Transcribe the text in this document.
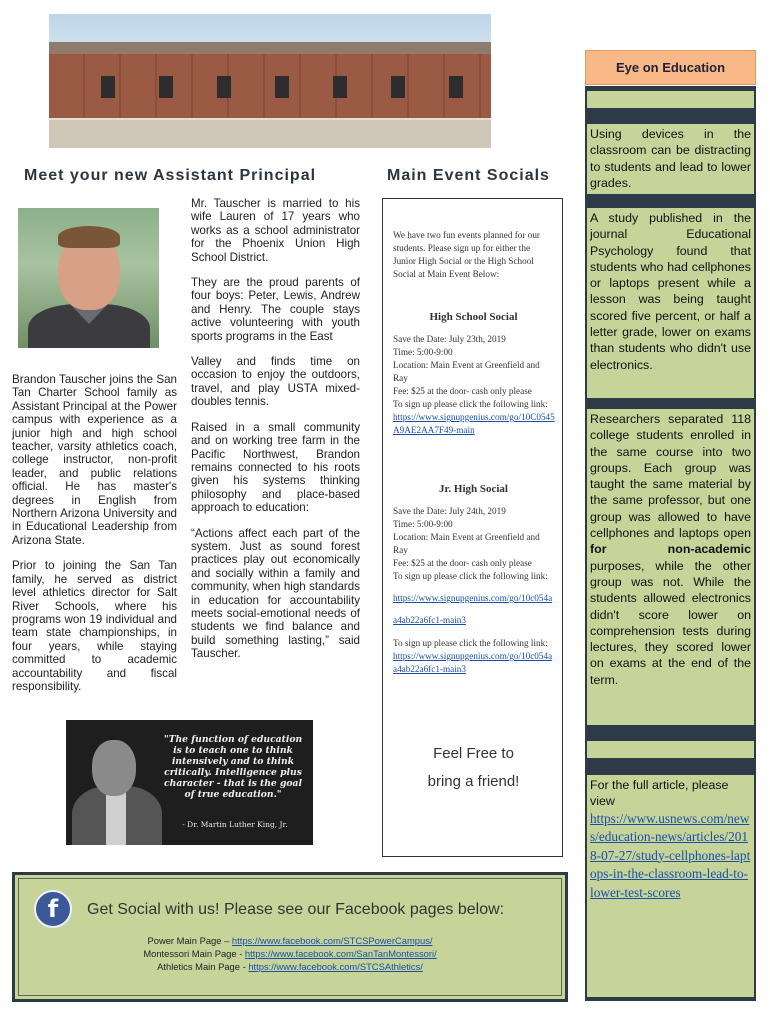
Meet your new Assistant Principal	Main Event Socials

Brandon Tauscher joins the San Tan Charter School family as Assistant Principal at the Power campus with experience as a junior high and high school teacher, varsity athletics coach, college instructor, non-profit leader, and public relations official. He has master's degrees in English from Northern Arizona University and in Educational Leadership from Arizona State.

Prior to joining the San Tan family, he served as district level athletics director for Salt River Schools, where his programs won 19 individual and team state championships, in four years, while staying committed to academic accountability and fiscal responsibility.

Mr. Tauscher is married to his wife Lauren of 17 years who works as a school administrator for the Phoenix Union High School District.

They are the proud parents of four boys: Peter, Lewis, Andrew and Henry. The couple stays active volunteering with youth sports programs in the East

Valley and finds time on occasion to enjoy the outdoors, travel, and play USTA mixed-doubles tennis.

Raised in a small community and on working tree farm in the Pacific Northwest, Brandon remains connected to his roots given his systems thinking philosophy and place-based approach to education:

“Actions affect each part of the system. Just as sound forest practices play out economically and socially within a family and community, when high standards in education for accountability meets social-emotional needs of students we find balance and build something lasting,” said Tauscher.

"The function of education is to teach one to think intensively and to think critically. Intelligence plus character - that is the goal of true education."
- Dr. Martin Luther King, Jr.
We have two fun events planned for our students. Please sign up for either the Junior High Social or the High School Social at Main Event Below:
High School Social
Save the Date: July 23th, 2019
Time: 5:00-9:00
Location: Main Event at Greenfield and Ray
Fee: $25 at the door- cash only please
To sign up please click the following link:
https://www.signupgenius.com/go/10C0545A9AE2AA7F49-main
Jr. High Social
Save the Date: July 24th, 2019
Time: 5:00-9:00
Location: Main Event at Greenfield and Ray
Fee: $25 at the door- cash only please
To sign up please click the following link:
https://www.signupgenius.com/go/10c054aa4ab22a6fc1-main3
To sign up please click the following link:
https://www.signupgenius.com/go/10c054aa4ab22a6fc1-main3
Feel Free to
bring a friend!
Eye on Education
Using devices in the classroom can be distracting to students and lead to lower grades.
A study published in the journal Educational Psychology found that students who had cellphones or laptops present while a lesson was being taught scored five percent, or half a letter grade, lower on exams than students who didn't use electronics.
Researchers separated 118 college students enrolled in the same course into two groups. Each group was taught the same material by the same professor, but one group was allowed to have cellphones and laptops open for non-academic purposes, while the other group was not. While the students allowed electronics didn't score lower on comprehension tests during lectures, they scored lower on exams at the end of the term.
For the full article, please view
https://www.usnews.com/news/education-news/articles/2018-07-27/study-cellphones-laptops-in-the-classroom-lead-to-lower-test-scores
f	Get Social with us! Please see our Facebook pages below:
Power Main Page – https://www.facebook.com/STCSPowerCampus/
Montessori Main Page - https://www.facebook.com/SanTanMontessori/
Athletics Main Page - https://www.facebook.com/STCSAthletics/
